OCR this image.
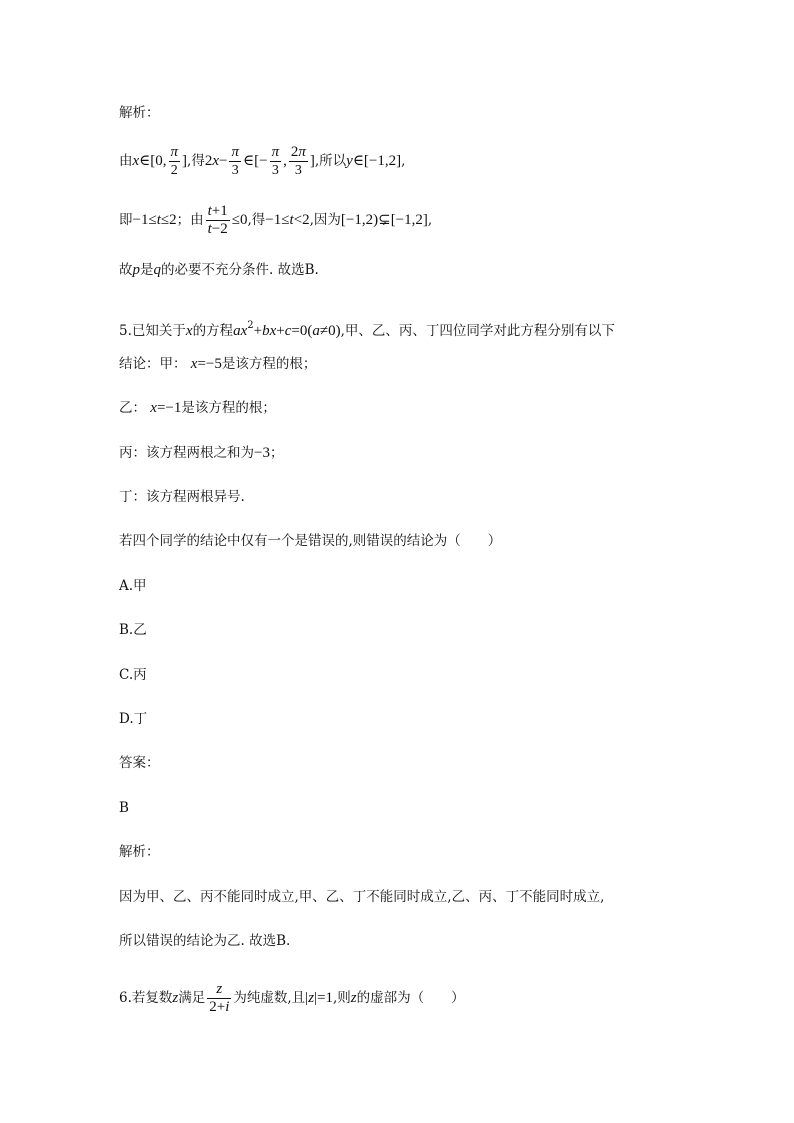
解析：
由x∈[0, $\frac{\pi}{2}$ ],得$2x- \frac{\pi}{3}$ ∈[− $\frac{\pi}{3}$ , $\frac{2\pi}{3}$ ],所以y∈[−1,2],
即−1≤t≤2；由 $\frac{t+1}{t-2} \le 0$,得−1≤t<2,因为[−1,2)⊊[−1,2],
故p是q的必要不充分条件. 故选B.
5.已知关于x的方程$ax^2+bx+c=0(a\ne 0)$,甲、乙、丙、丁四位同学对此方程分别有以下
结论：甲： x=−5是该方程的根；
乙： x=−1是该方程的根；
丙：该方程两根之和为−3；
丁：该方程两根异号.
若四个同学的结论中仅有一个是错误的,则错误的结论为（　　）
A.甲
B.乙
C.丙
D.丁
答案：
B
解析：
因为甲、乙、丙不能同时成立,甲、乙、丁不能同时成立,乙、丙、丁不能同时成立,
所以错误的结论为乙. 故选B.
6.若复数z满足 $\frac{z}{2+i}$ 为纯虚数,且|z|=1,则z的虚部为（　　）
